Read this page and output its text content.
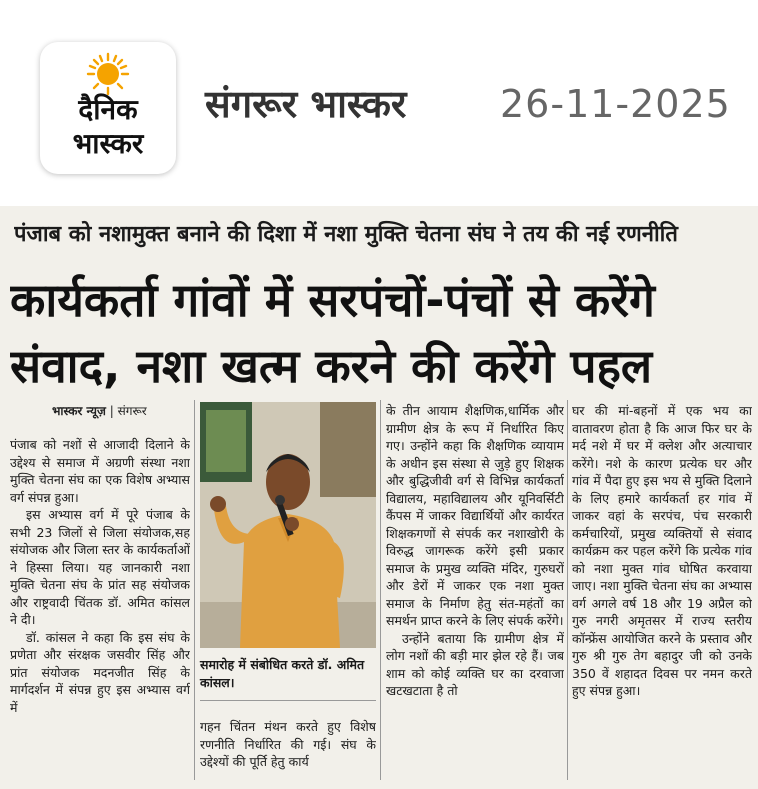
दैनिक
भास्कर
संगरूर भास्कर 26-11-2025
पंजाब को नशामुक्त बनाने की दिशा में नशा मुक्ति चेतना संघ ने तय की नई रणनीति
कार्यकर्ता गांवों में सरपंचों-पंचों से करेंगे
संवाद, नशा खत्म करने की करेंगे पहल
भास्कर न्यूज़ | संगरूर

पंजाब को नशों से आजादी दिलाने के उद्देश्य से समाज में अग्रणी संस्था नशा मुक्ति चेतना संघ का एक विशेष अभ्यास वर्ग संपन्न हुआ।

इस अभ्यास वर्ग में पूरे पंजाब के सभी 23 जिलों से जिला संयोजक,सह संयोजक और जिला स्तर के कार्यकर्ताओं ने हिस्सा लिया। यह जानकारी नशा मुक्ति चेतना संघ के प्रांत सह संयोजक और राष्ट्रवादी चिंतक डॉ. अमित कांसल ने दी।

डॉ. कांसल ने कहा कि इस संघ के प्रणेता और संरक्षक जसवीर सिंह और प्रांत संयोजक मदनजीत सिंह के मार्गदर्शन में संपन्न हुए इस अभ्यास वर्ग में

समारोह में संबोधित करते डॉ. अमित कांसल।

गहन चिंतन मंथन करते हुए विशेष रणनीति निर्धारित की गई। संघ के उद्देश्यों की पूर्ति हेतु कार्य

के तीन आयाम शैक्षणिक,धार्मिक और ग्रामीण क्षेत्र के रूप में निर्धारित किए गए। उन्होंने कहा कि शैक्षणिक व्यायाम के अधीन इस संस्था से जुड़े हुए शिक्षक और बुद्धिजीवी वर्ग से विभिन्न कार्यकर्ता विद्यालय, महाविद्यालय और यूनिवर्सिटी कैंपस में जाकर विद्यार्थियों और कार्यरत शिक्षकगणों से संपर्क कर नशाखोरी के विरुद्ध जागरूक करेंगे इसी प्रकार समाज के प्रमुख व्यक्ति मंदिर, गुरुघरों और डेरों में जाकर एक नशा मुक्त समाज के निर्माण हेतु संत-महंतों का समर्थन प्राप्त करने के लिए संपर्क करेंगे।

उन्होंने बताया कि ग्रामीण क्षेत्र में लोग नशों की बड़ी मार झेल रहे हैं। जब शाम को कोई व्यक्ति घर का दरवाजा खटखटाता है तो

घर की मां-बहनों में एक भय का वातावरण होता है कि आज फिर घर के मर्द नशे में घर में क्लेश और अत्याचार करेंगे। नशे के कारण प्रत्येक घर और गांव में पैदा हुए इस भय से मुक्ति दिलाने के लिए हमारे कार्यकर्ता हर गांव में जाकर वहां के सरपंच, पंच सरकारी कर्मचारियों, प्रमुख व्यक्तियों से संवाद कार्यक्रम कर पहल करेंगे कि प्रत्येक गांव को नशा मुक्त गांव घोषित करवाया जाए। नशा मुक्ति चेतना संघ का अभ्यास वर्ग अगले वर्ष 18 और 19 अप्रैल को गुरु नगरी अमृतसर में राज्य स्तरीय कॉन्फ्रेंस आयोजित करने के प्रस्ताव और गुरु श्री गुरु तेग बहादुर जी को उनके 350 वें शहादत दिवस पर नमन करते हुए संपन्न हुआ।
